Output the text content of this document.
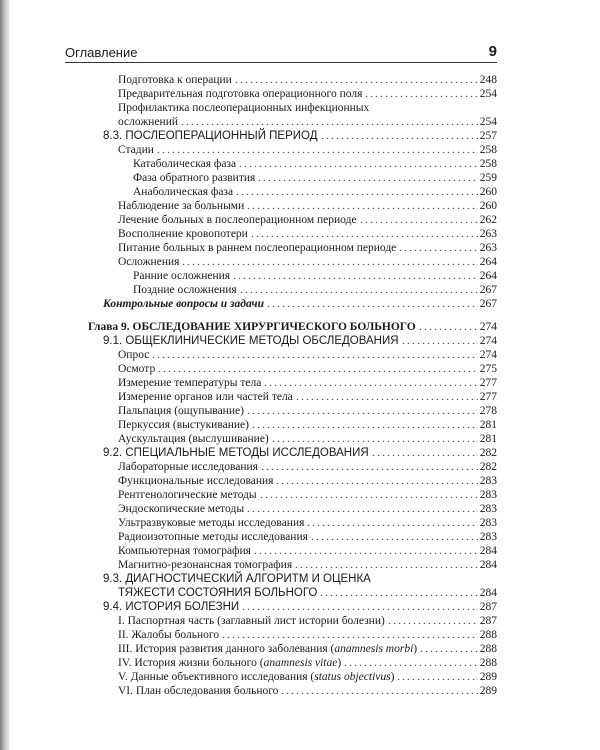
Оглавление	9
Подготовка к операции	248
Предварительная подготовка операционного поля	254
Профилактика послеоперационных инфекционных
осложнений	254
8.3. ПОСЛЕОПЕРАЦИОННЫЙ ПЕРИОД	257
Стадии	258
Катаболическая фаза	258
Фаза обратного развития	259
Анаболическая фаза	260
Наблюдение за больными	260
Лечение больных в послеоперационном периоде	262
Восполнение кровопотери	263
Питание больных в раннем послеоперационном периоде	263
Осложнения	264
Ранние осложнения	264
Поздние осложнения	267
Контрольные вопросы и задачи	267
Глава 9. ОБСЛЕДОВАНИЕ ХИРУРГИЧЕСКОГО БОЛЬНОГО	274
9.1. ОБЩЕКЛИНИЧЕСКИЕ МЕТОДЫ ОБСЛЕДОВАНИЯ	274
Опрос	274
Осмотр	275
Измерение температуры тела	277
Измерение органов или частей тела	277
Пальпация (ощупывание)	278
Перкуссия (выстукивание)	281
Аускультация (выслушивание)	281
9.2. СПЕЦИАЛЬНЫЕ МЕТОДЫ ИССЛЕДОВАНИЯ	282
Лабораторные исследования	282
Функциональные исследования	283
Рентгенологические методы	283
Эндоскопические методы	283
Ультразвуковые методы исследования	283
Радиоизотопные методы исследования	283
Компьютерная томография	284
Магнитно-резонансная томография	284
9.3. ДИАГНОСТИЧЕСКИЙ АЛГОРИТМ И ОЦЕНКА
ТЯЖЕСТИ СОСТОЯНИЯ БОЛЬНОГО	284
9.4. ИСТОРИЯ БОЛЕЗНИ	287
I. Паспортная часть (заглавный лист истории болезни)	287
II. Жалобы больного	288
III. История развития данного заболевания (anamnesis morbi)	288
IV. История жизни больного (anamnesis vitae)	288
V. Данные объективного исследования (status objectivus)	289
VI. План обследования больного	289
